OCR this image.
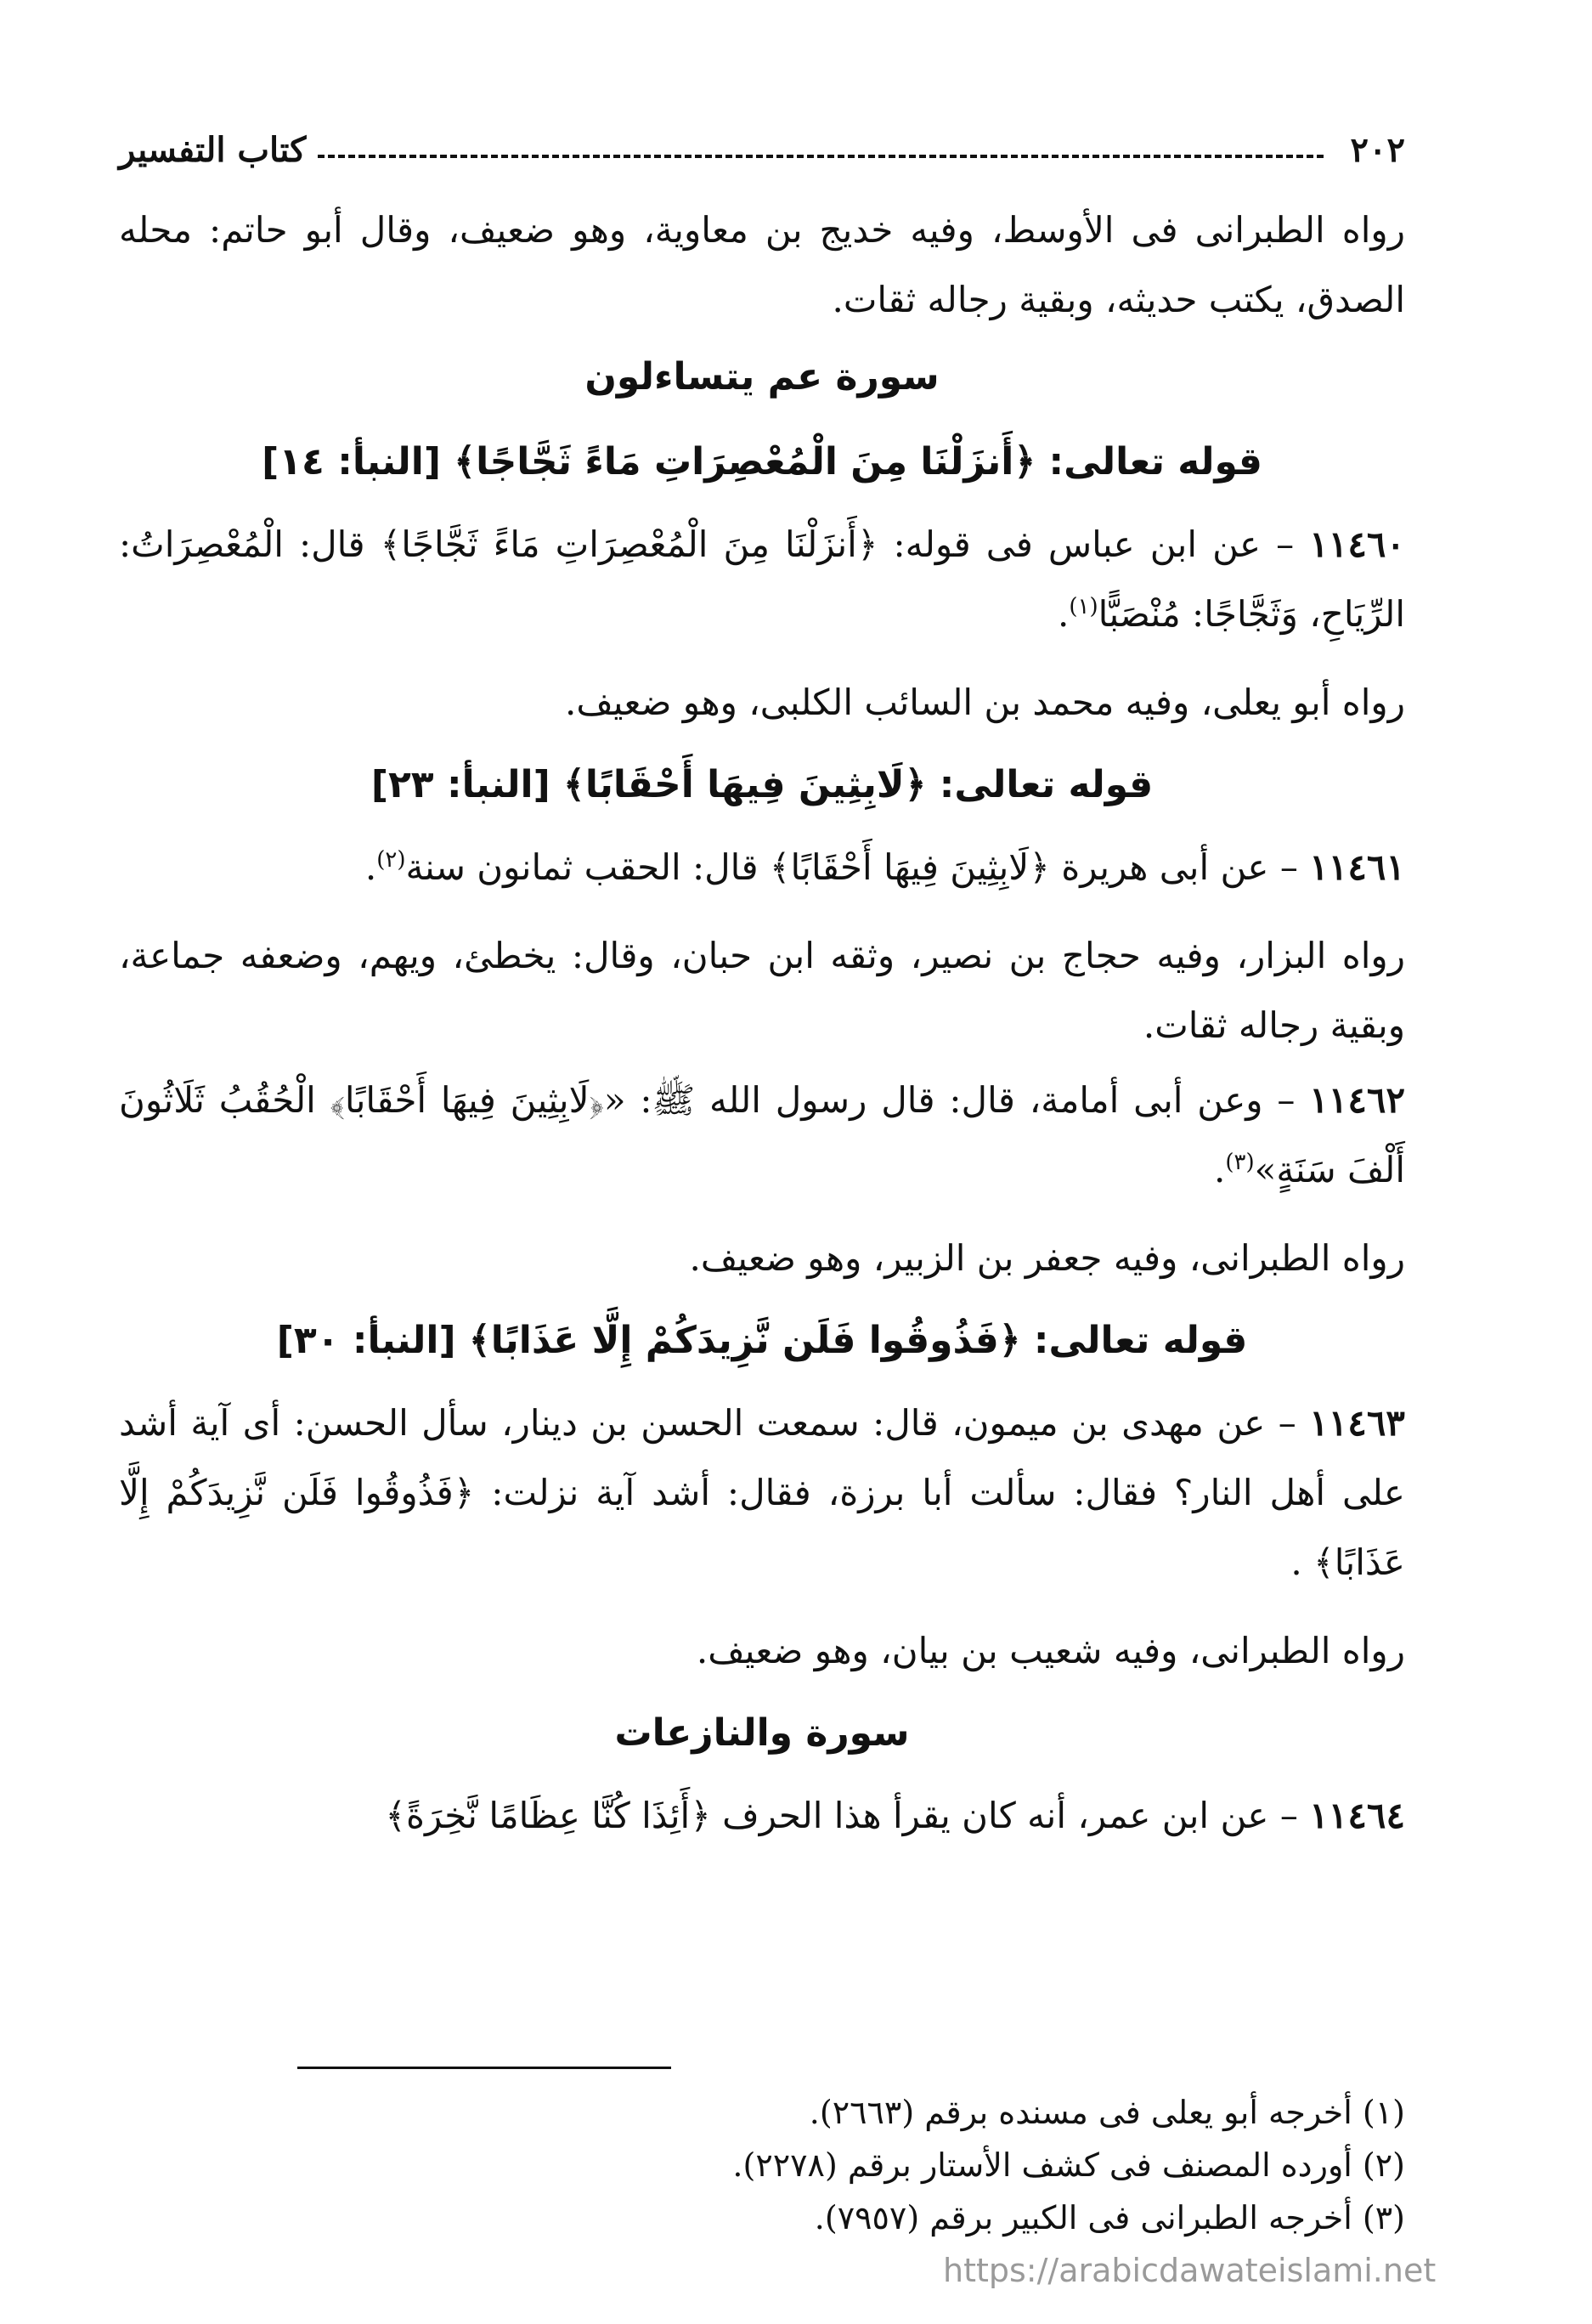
٢٠٢
كتاب التفسير

رواه الطبرانى فى الأوسط، وفيه خديج بن معاوية، وهو ضعيف، وقال أبو حاتم: محله الصدق، يكتب حديثه، وبقية رجاله ثقات.

سورة عم يتساءلون
قوله تعالى: ﴿أَنزَلْنَا مِنَ الْمُعْصِرَاتِ مَاءً ثَجَّاجًا﴾ [النبأ: ١٤]

١١٤٦٠ – عن ابن عباس فى قوله: ﴿أَنزَلْنَا مِنَ الْمُعْصِرَاتِ مَاءً ثَجَّاجًا﴾ قال: الْمُعْصِرَاتُ: الرِّيَاحِ، وَثَجَّاجًا: مُنْصَبًّا$^{(١)}$.

رواه أبو يعلى، وفيه محمد بن السائب الكلبى، وهو ضعيف.

قوله تعالى: ﴿لَابِثِينَ فِيهَا أَحْقَابًا﴾ [النبأ: ٢٣]

١١٤٦١ – عن أبى هريرة ﴿لَابِثِينَ فِيهَا أَحْقَابًا﴾ قال: الحقب ثمانون سنة$^{(٢)}$.

رواه البزار، وفيه حجاج بن نصير، وثقه ابن حبان، وقال: يخطئ، ويهم، وضعفه جماعة، وبقية رجاله ثقات.

١١٤٦٢ – وعن أبى أمامة، قال: قال رسول الله ﷺ: «﴿لَابِثِينَ فِيهَا أَحْقَابًا﴾ الْحُقُبُ ثَلَاثُونَ أَلْفَ سَنَةٍ»$^{(٣)}$.

رواه الطبرانى، وفيه جعفر بن الزبير، وهو ضعيف.

قوله تعالى: ﴿فَذُوقُوا فَلَن نَّزِيدَكُمْ إِلَّا عَذَابًا﴾ [النبأ: ٣٠]

١١٤٦٣ – عن مهدى بن ميمون، قال: سمعت الحسن بن دينار، سأل الحسن: أى آية أشد على أهل النار؟ فقال: سألت أبا برزة، فقال: أشد آية نزلت: ﴿فَذُوقُوا فَلَن نَّزِيدَكُمْ إِلَّا عَذَابًا﴾ .

رواه الطبرانى، وفيه شعيب بن بيان، وهو ضعيف.

سورة والنازعات

١١٤٦٤ – عن ابن عمر، أنه كان يقرأ هذا الحرف ﴿أَئِذَا كُنَّا عِظَامًا نَّخِرَةً﴾

(١) أخرجه أبو يعلى فى مسنده برقم (٢٦٦٣).
(٢) أورده المصنف فى كشف الأستار برقم (٢٢٧٨).
(٣) أخرجه الطبرانى فى الكبير برقم (٧٩٥٧).
https://arabicdawateislami.net
